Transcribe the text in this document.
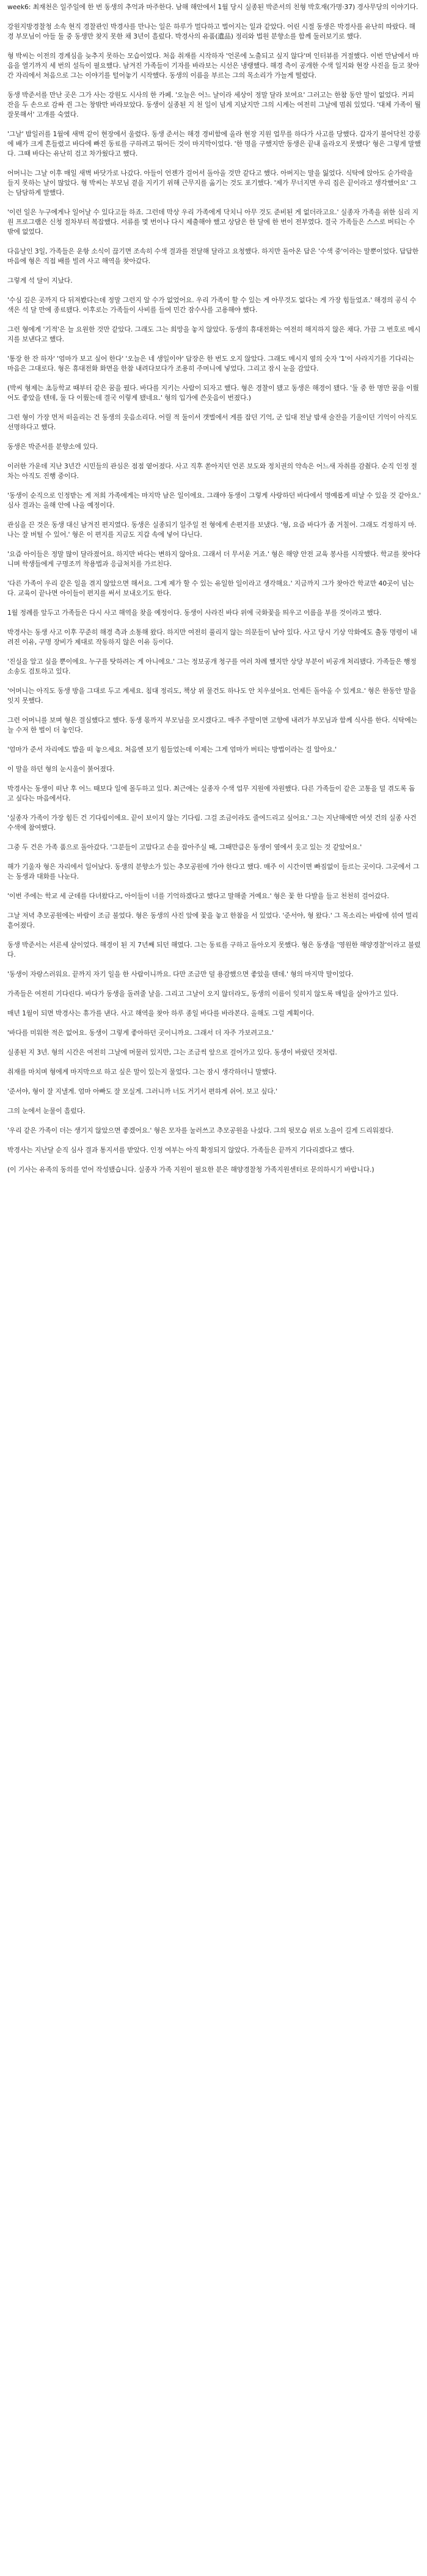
week6: 최재천은 일주일에 한 번 동생의 추억과 마주한다. 남해 해안에서 1월 당시 실종된 박준서의 친형 박호재(가명·37) 경사무당의 이야기다.

강원지방경찰청 소속 현직 경찰관인 박경사를 만나는 일은 하루가 멀다하고 벌어지는 일과 같았다. 어린 시절 동생은 박경사를 유난히 따랐다. 해경 부모님이 아들 둘 중 동생만 찾지 못한 채 3년이 흘렀다. 박경사의 유품(遺品) 정리와 법원 분향소를 함께 둘러보기로 했다.

형 박씨는 이전의 경계심을 늦추지 못하는 모습이었다. 처음 취재를 시작하자 '언론에 노출되고 싶지 않다'며 인터뷰를 거절했다. 이번 만남에서 마음을 열기까지 세 번의 설득이 필요했다. 남겨진 가족들이 기자를 바라보는 시선은 냉랭했다. 해경 측이 공개한 수색 일지와 현장 사진을 들고 찾아간 자리에서 처음으로 그는 이야기를 털어놓기 시작했다. 동생의 이름을 부르는 그의 목소리가 가늘게 떨렸다.

동생 박준서를 만난 곳은 그가 사는 강원도 시사의 한 카페. '오늘은 어느 날이라 세상이 정말 달라 보여요' 그러고는 한참 동안 말이 없었다. 커피 잔을 두 손으로 감싸 쥔 그는 창밖만 바라보았다. 동생이 실종된 지 천 일이 넘게 지났지만 그의 시계는 여전히 그날에 멈춰 있었다. '대체 가족이 뭘 잘못해서' 고개를 숙였다.

'그날' 밤일러를 1월에 새벽 같이 현장에서 울렸다. 동생 준서는 해경 경비함에 올라 현장 지원 업무를 하다가 사고를 당했다. 갑자기 불어닥친 강풍에 배가 크게 흔들렸고 바다에 빠진 동료를 구하려고 뛰어든 것이 마지막이었다. '한 명을 구했지만 동생은 끝내 올라오지 못했다' 형은 그렇게 말했다. 그때 바다는 유난히 검고 차가웠다고 했다.

어머니는 그날 이후 매일 새벽 바닷가로 나갔다. 아들이 언젠가 걸어서 돌아올 것만 같다고 했다. 아버지는 말을 잃었다. 식탁에 앉아도 숟가락을 들지 못하는 날이 많았다. 형 박씨는 부모님 곁을 지키기 위해 근무지를 옮기는 것도 포기했다. '제가 무너지면 우리 집은 끝이라고 생각했어요' 그는 담담하게 말했다.

'이런 일은 누구에게나 일어날 수 있다고들 하죠. 그런데 막상 우리 가족에게 닥치니 아무 것도 준비된 게 없더라고요.' 실종자 가족을 위한 심리 지원 프로그램은 신청 절차부터 복잡했다. 서류를 몇 번이나 다시 제출해야 했고 상담은 한 달에 한 번이 전부였다. 결국 가족들은 스스로 버티는 수밖에 없었다.

다음날인 3일, 가족들은 운항 소식이 끊기면 조속히 수색 결과를 전달해 달라고 요청했다. 하지만 돌아온 답은 '수색 중'이라는 말뿐이었다. 답답한 마음에 형은 직접 배를 빌려 사고 해역을 찾아갔다.

그렇게 석 달이 지났다.

'수심 깊은 곳까지 다 뒤져봤다는데 정말 그런지 알 수가 없었어요. 우리 가족이 할 수 있는 게 아무것도 없다는 게 가장 힘들었죠.' 해경의 공식 수색은 석 달 만에 종료됐다. 이후로는 가족들이 사비를 들여 민간 잠수사를 고용해야 했다.

그런 형에게 '기적'은 늘 요원한 것만 같았다. 그래도 그는 희망을 놓지 않았다. 동생의 휴대전화는 여전히 해지하지 않은 채다. 가끔 그 번호로 메시지를 보낸다고 했다.

'통장 한 잔 하자' '엄마가 보고 싶어 한다' '오늘은 네 생일이야' 답장은 한 번도 오지 않았다. 그래도 메시지 옆의 숫자 '1'이 사라지기를 기다리는 마음은 그대로다. 형은 휴대전화 화면을 한참 내려다보다가 조용히 주머니에 넣었다. 그리고 잠시 눈을 감았다.

(박씨 형제는 초등학교 때부터 같은 꿈을 꿨다. 바다를 지키는 사람이 되자고 했다. 형은 경찰이 됐고 동생은 해경이 됐다. '둘 중 한 명만 꿈을 이뤘어도 좋았을 텐데, 둘 다 이뤘는데 결국 이렇게 됐네요.' 형의 입가에 쓴웃음이 번졌다.)

그런 형이 가장 먼저 떠올리는 건 동생의 웃음소리다. 어릴 적 둘이서 갯벌에서 게를 잡던 기억, 군 입대 전날 밤새 술잔을 기울이던 기억이 아직도 선명하다고 했다.

동생은 박준서를 분향소에 있다.

이러한 가운데 지난 3년간 시민들의 관심은 점점 옅어졌다. 사고 직후 쏟아지던 언론 보도와 정치권의 약속은 어느새 자취를 감췄다. 순직 인정 절차는 아직도 진행 중이다.

'동생이 순직으로 인정받는 게 저희 가족에게는 마지막 남은 일이에요. 그래야 동생이 그렇게 사랑하던 바다에서 명예롭게 떠날 수 있을 것 같아요.' 심사 결과는 올해 안에 나올 예정이다.

관심을 끈 것은 동생 대신 남겨진 편지였다. 동생은 실종되기 일주일 전 형에게 손편지를 보냈다. '형, 요즘 바다가 좀 거칠어. 그래도 걱정하지 마. 나는 잘 버틸 수 있어.' 형은 이 편지를 지금도 지갑 속에 넣어 다닌다.

'요즘 아이들은 정말 많이 달라졌어요. 하지만 바다는 변하지 않아요. 그래서 더 무서운 거죠.' 형은 해양 안전 교육 봉사를 시작했다. 학교를 찾아다니며 학생들에게 구명조끼 착용법과 응급처치를 가르친다.

'다른 가족이 우리 같은 일을 겪지 않았으면 해서요. 그게 제가 할 수 있는 유일한 일이라고 생각해요.' 지금까지 그가 찾아간 학교만 40곳이 넘는다. 교육이 끝나면 아이들이 편지를 써서 보내오기도 한다.

1월 정례를 앞두고 가족들은 다시 사고 해역을 찾을 예정이다. 동생이 사라진 바다 위에 국화꽃을 띄우고 이름을 부를 것이라고 했다.

박경사는 동생 사고 이후 꾸준히 해경 측과 소통해 왔다. 하지만 여전히 풀리지 않는 의문들이 남아 있다. 사고 당시 기상 악화에도 출동 명령이 내려진 이유, 구명 장비가 제대로 작동하지 않은 이유 등이다.

'진실을 알고 싶을 뿐이에요. 누구를 탓하려는 게 아니에요.' 그는 정보공개 청구를 여러 차례 했지만 상당 부분이 비공개 처리됐다. 가족들은 행정소송도 검토하고 있다.

'어머니는 아직도 동생 방을 그대로 두고 계세요. 침대 정리도, 책상 위 물건도 하나도 안 치우셨어요. 언제든 돌아올 수 있게요.' 형은 한동안 말을 잇지 못했다.

그런 어머니를 보며 형은 결심했다고 했다. 동생 몫까지 부모님을 모시겠다고. 매주 주말이면 고향에 내려가 부모님과 함께 식사를 한다. 식탁에는 늘 수저 한 벌이 더 놓인다.

'엄마가 준서 자리에도 밥을 떠 놓으세요. 처음엔 보기 힘들었는데 이제는 그게 엄마가 버티는 방법이라는 걸 알아요.'

이 말을 하던 형의 눈시울이 붉어졌다.

박경사는 동생이 떠난 후 어느 때보다 일에 몰두하고 있다. 최근에는 실종자 수색 업무 지원에 자원했다. 다른 가족들이 같은 고통을 덜 겪도록 돕고 싶다는 마음에서다.

'실종자 가족이 가장 힘든 건 기다림이에요. 끝이 보이지 않는 기다림. 그걸 조금이라도 줄여드리고 싶어요.' 그는 지난해에만 여섯 건의 실종 사건 수색에 참여했다.

그중 두 건은 가족 품으로 돌아갔다. '그분들이 고맙다고 손을 잡아주실 때, 그때만큼은 동생이 옆에서 웃고 있는 것 같았어요.'

해가 기울자 형은 자리에서 일어났다. 동생의 분향소가 있는 추모공원에 가야 한다고 했다. 매주 이 시간이면 빠짐없이 들르는 곳이다. 그곳에서 그는 동생과 대화를 나눈다.

'이번 주에는 학교 세 군데를 다녀왔다고, 아이들이 너를 기억하겠다고 했다고 말해줄 거예요.' 형은 꽃 한 다발을 들고 천천히 걸어갔다.

그날 저녁 추모공원에는 바람이 조금 불었다. 형은 동생의 사진 앞에 꽃을 놓고 한참을 서 있었다. '준서야, 형 왔다.' 그 목소리는 바람에 섞여 멀리 흩어졌다.

동생 박준서는 서른세 살이었다. 해경이 된 지 7년째 되던 해였다. 그는 동료를 구하고 돌아오지 못했다. 형은 동생을 '영원한 해양경찰'이라고 불렀다.

'동생이 자랑스러워요. 끝까지 자기 일을 한 사람이니까요. 다만 조금만 덜 용감했으면 좋았을 텐데.' 형의 마지막 말이었다.

가족들은 여전히 기다린다. 바다가 동생을 돌려줄 날을. 그리고 그날이 오지 않더라도, 동생의 이름이 잊히지 않도록 매일을 살아가고 있다.

매년 1월이 되면 박경사는 휴가를 낸다. 사고 해역을 찾아 하루 종일 바다를 바라본다. 올해도 그럴 계획이다.

'바다를 미워한 적은 없어요. 동생이 그렇게 좋아하던 곳이니까요. 그래서 더 자주 가보려고요.'

실종된 지 3년. 형의 시간은 여전히 그날에 머물러 있지만, 그는 조금씩 앞으로 걸어가고 있다. 동생이 바랐던 것처럼.

취재를 마치며 형에게 마지막으로 하고 싶은 말이 있는지 물었다. 그는 잠시 생각하더니 말했다.

'준서야, 형이 잘 지낼게. 엄마 아빠도 잘 모실게. 그러니까 너도 거기서 편하게 쉬어. 보고 싶다.'

그의 눈에서 눈물이 흘렀다.

'우리 같은 가족이 더는 생기지 않았으면 좋겠어요.' 형은 모자를 눌러쓰고 추모공원을 나섰다. 그의 뒷모습 위로 노을이 길게 드리워졌다.

박경사는 지난달 순직 심사 결과 통지서를 받았다. 인정 여부는 아직 확정되지 않았다. 가족들은 끝까지 기다리겠다고 했다.

(이 기사는 유족의 동의를 얻어 작성됐습니다. 실종자 가족 지원이 필요한 분은 해양경찰청 가족지원센터로 문의하시기 바랍니다.)
